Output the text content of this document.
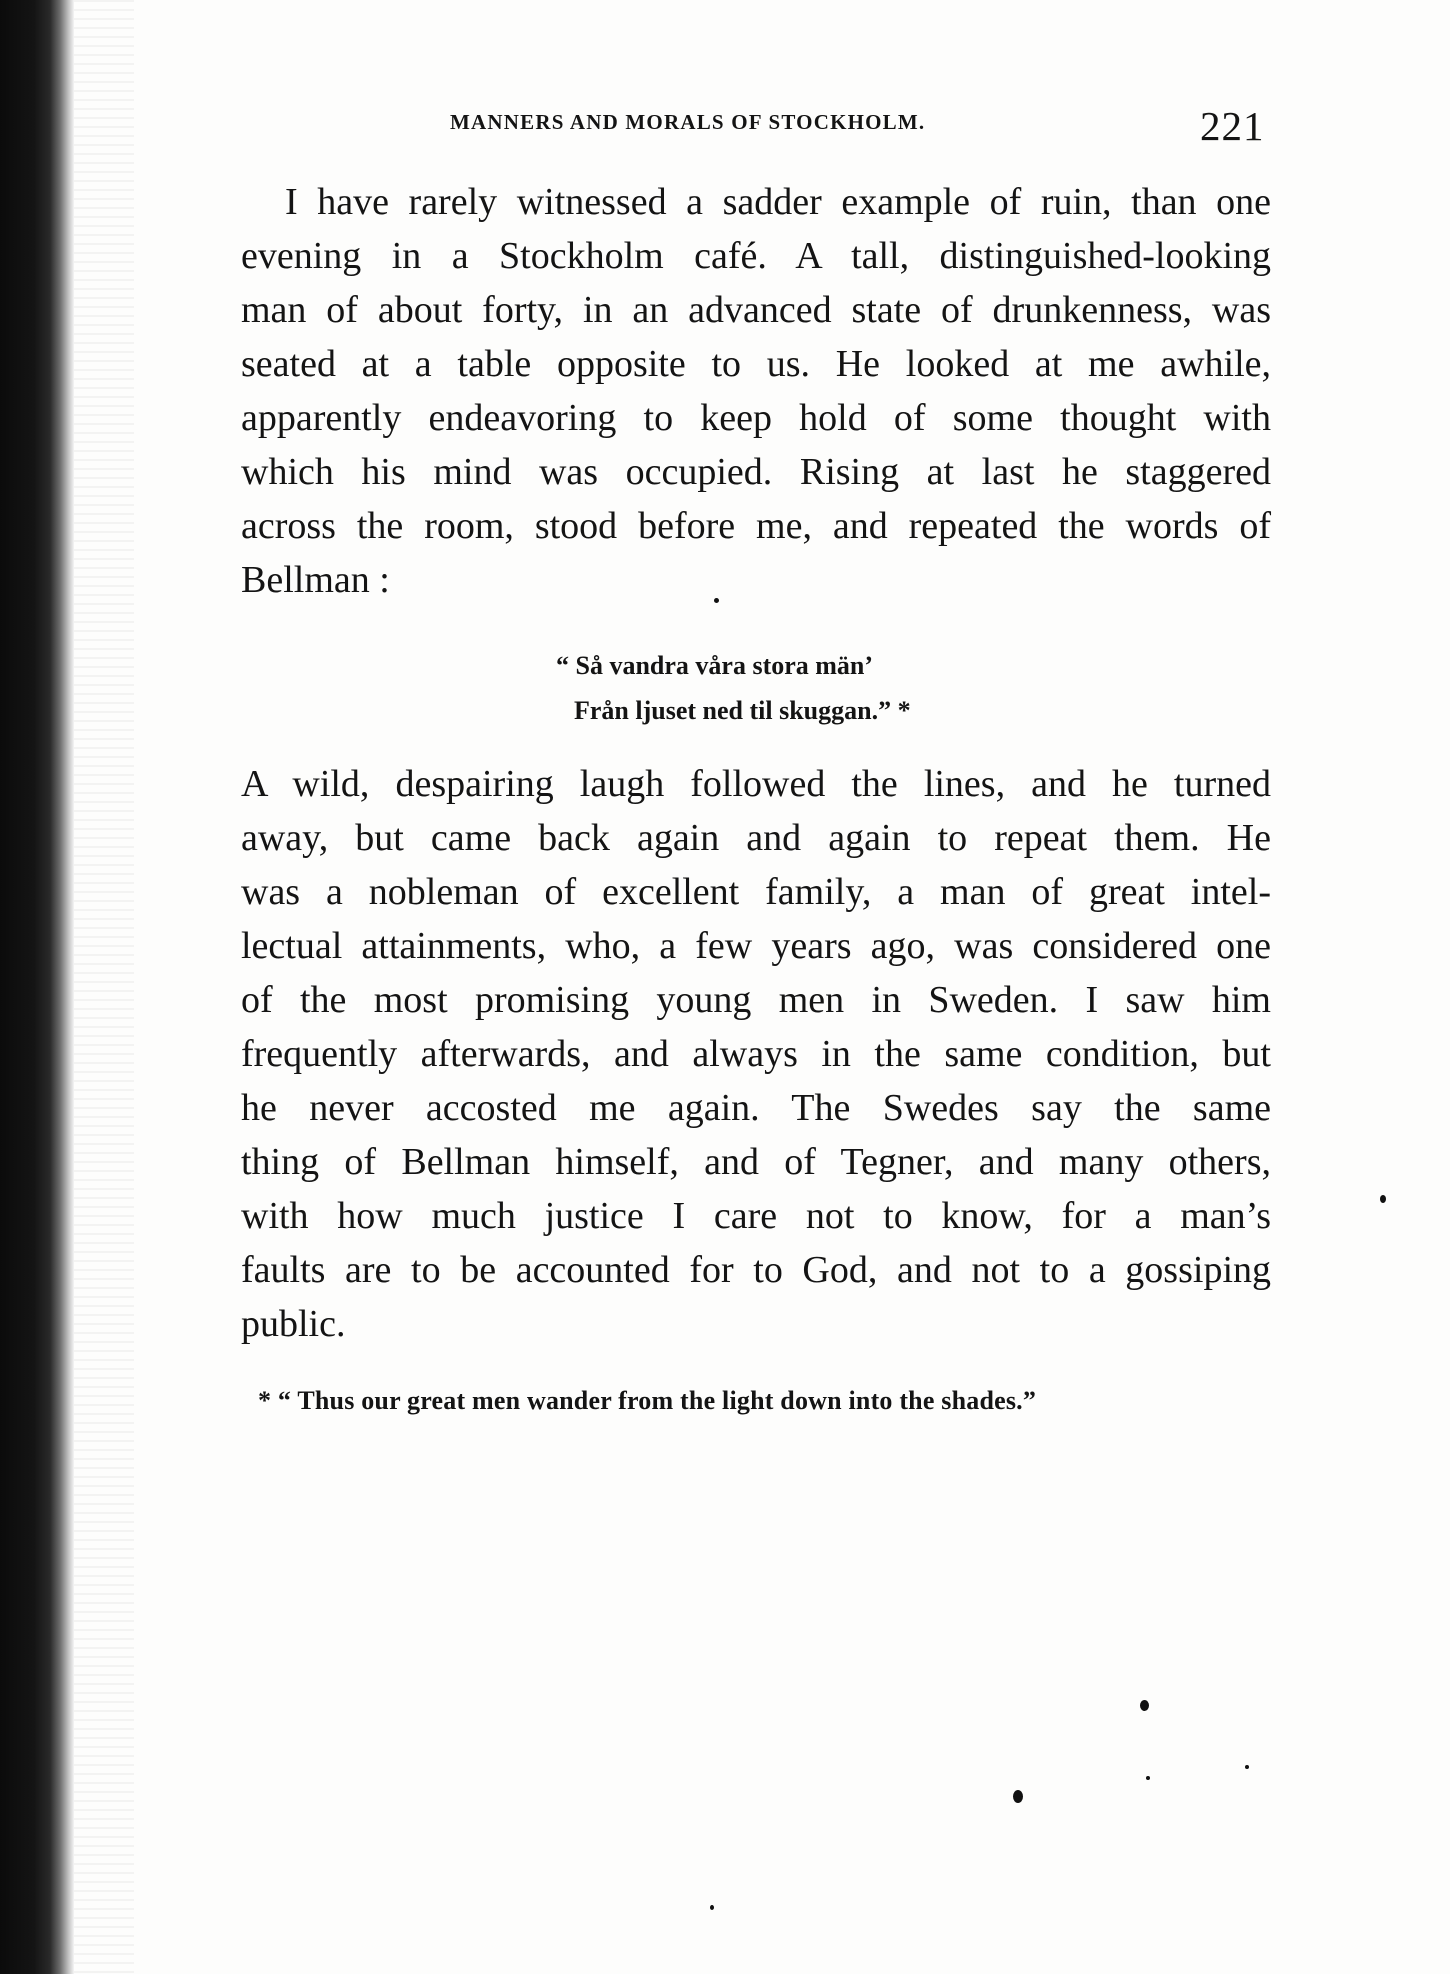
MANNERS AND MORALS OF STOCKHOLM.	221
I have rarely witnessed a sadder example of ruin, than one
evening in a Stockholm café. A tall, distinguished-looking
man of about forty, in an advanced state of drunkenness, was
seated at a table opposite to us. He looked at me awhile,
apparently endeavoring to keep hold of some thought with
which his mind was occupied. Rising at last he staggered
across the room, stood before me, and repeated the words of
Bellman :
“ Så vandra våra stora män’
Från ljuset ned til skuggan.” *
A wild, despairing laugh followed the lines, and he turned
away, but came back again and again to repeat them. He
was a nobleman of excellent family, a man of great intel-
lectual attainments, who, a few years ago, was considered one
of the most promising young men in Sweden. I saw him
frequently afterwards, and always in the same condition, but
he never accosted me again. The Swedes say the same
thing of Bellman himself, and of Tegner, and many others,
with how much justice I care not to know, for a man’s
faults are to be accounted for to God, and not to a gossiping
public.
* “ Thus our great men wander from the light down into the shades.”
